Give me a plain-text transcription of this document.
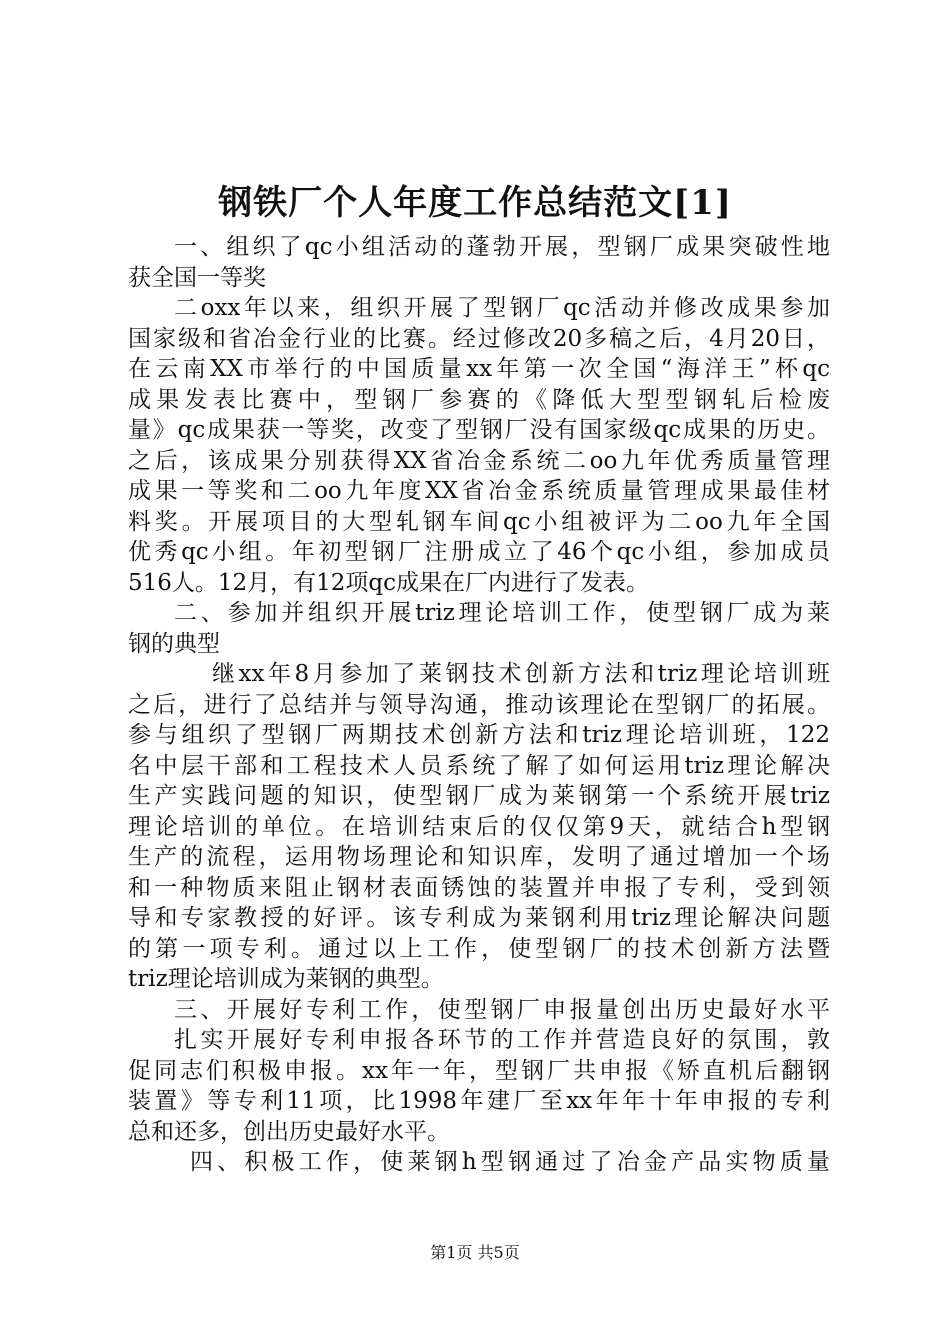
钢铁厂个人年度工作总结范文[1]
一、组织了qc小组活动的蓬勃开展，型钢厂成果突破性地
获全国一等奖
二oxx年以来，组织开展了型钢厂qc活动并修改成果参加
国家级和省冶金行业的比赛。经过修改20多稿之后，4月20日，
在云南XX市举行的中国质量xx年第一次全国“海洋王”杯qc
成果发表比赛中，型钢厂参赛的《降低大型型钢轧后检废
量》qc成果获一等奖，改变了型钢厂没有国家级qc成果的历史。
之后，该成果分别获得XX省冶金系统二oo九年优秀质量管理
成果一等奖和二oo九年度XX省冶金系统质量管理成果最佳材
料奖。开展项目的大型轧钢车间qc小组被评为二oo九年全国
优秀qc小组。年初型钢厂注册成立了46个qc小组，参加成员
516人。12月，有12项qc成果在厂内进行了发表。
二、参加并组织开展triz理论培训工作，使型钢厂成为莱
钢的典型
继xx年8月参加了莱钢技术创新方法和triz理论培训班
之后，进行了总结并与领导沟通，推动该理论在型钢厂的拓展。
参与组织了型钢厂两期技术创新方法和triz理论培训班，122
名中层干部和工程技术人员系统了解了如何运用triz理论解决
生产实践问题的知识，使型钢厂成为莱钢第一个系统开展triz
理论培训的单位。在培训结束后的仅仅第9天，就结合h型钢
生产的流程，运用物场理论和知识库，发明了通过增加一个场
和一种物质来阻止钢材表面锈蚀的装置并申报了专利，受到领
导和专家教授的好评。该专利成为莱钢利用triz理论解决问题
的第一项专利。通过以上工作，使型钢厂的技术创新方法暨
triz理论培训成为莱钢的典型。
三、开展好专利工作，使型钢厂申报量创出历史最好水平
扎实开展好专利申报各环节的工作并营造良好的氛围，敦
促同志们积极申报。xx年一年，型钢厂共申报《矫直机后翻钢
装置》等专利11项，比1998年建厂至xx年年十年申报的专利
总和还多，创出历史最好水平。
四、积极工作，使莱钢h型钢通过了冶金产品实物质量
第1页 共5页
